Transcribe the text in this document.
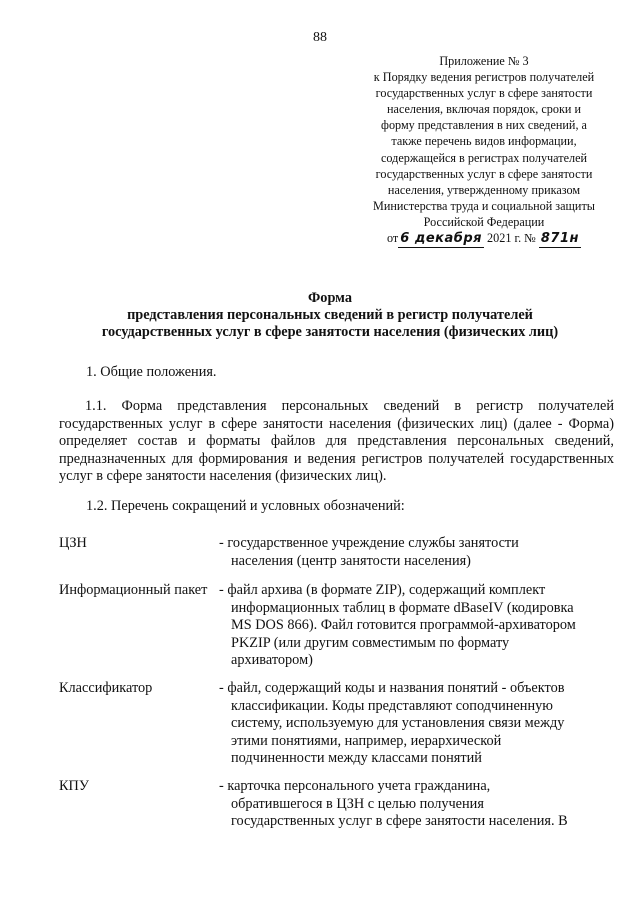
88
Приложение № 3
к Порядку ведения регистров получателей
государственных услуг в сфере занятости
населения, включая порядок, сроки и
форму представления в них сведений, а
также перечень видов информации,
содержащейся в регистрах получателей
государственных услуг в сфере занятости
населения, утвержденному приказом
Министерства труда и социальной защиты
Российской Федерации
от 6 декабря 2021 г. № 871н
Форма
представления персональных сведений в регистр получателей
государственных услуг в сфере занятости населения (физических лиц)
1. Общие положения.
1.1. Форма представления персональных сведений в регистр получателей государственных услуг в сфере занятости населения (физических лиц) (далее - Форма) определяет состав и форматы файлов для представления персональных сведений, предназначенных для формирования и ведения регистров получателей государственных услуг в сфере занятости населения (физических лиц).
1.2. Перечень сокращений и условных обозначений:
ЦЗН	- государственное учреждение службы занятости
населения (центр занятости населения)
Информационный пакет - файл архива (в формате ZIP), содержащий комплект
информационных таблиц в формате dBaseIV (кодировка
MS DOS 866). Файл готовится программой-архиватором
PKZIP (или другим совместимым по формату
архиватором)
Классификатор	- файл, содержащий коды и названия понятий - объектов
классификации. Коды представляют соподчиненную
систему, используемую для установления связи между
этими понятиями, например, иерархической
подчиненности между классами понятий
КПУ	- карточка персонального учета гражданина,
обратившегося в ЦЗН с целью получения
государственных услуг в сфере занятости населения. В
